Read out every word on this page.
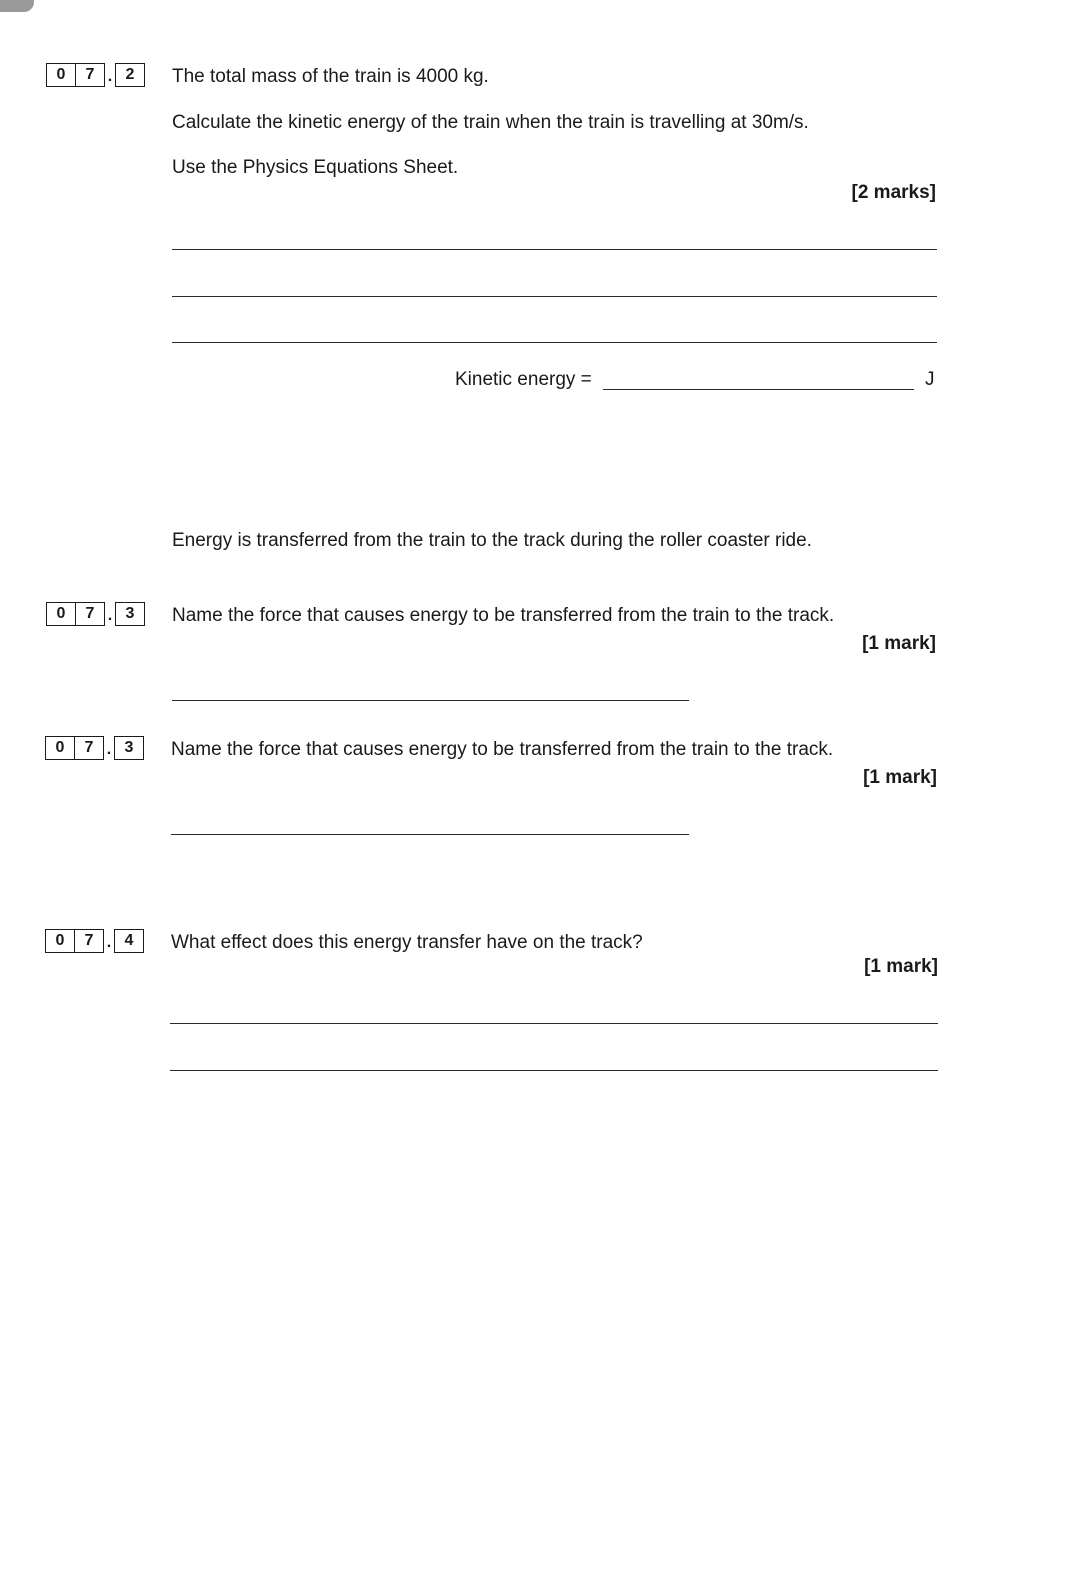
0	7 . 2	The total mass of the train is 4000 kg.
Calculate the kinetic energy of the train when the train is travelling at 30m/s.
Use the Physics Equations Sheet.
[2 marks]
Kinetic energy =	J
Energy is transferred from the train to the track during the roller coaster ride.
0	7 . 3	Name the force that causes energy to be transferred from the train to the track.
[1 mark]
0	7 . 3	Name the force that causes energy to be transferred from the train to the track.
[1 mark]
0	7 . 4	What effect does this energy transfer have on the track?
[1 mark]
